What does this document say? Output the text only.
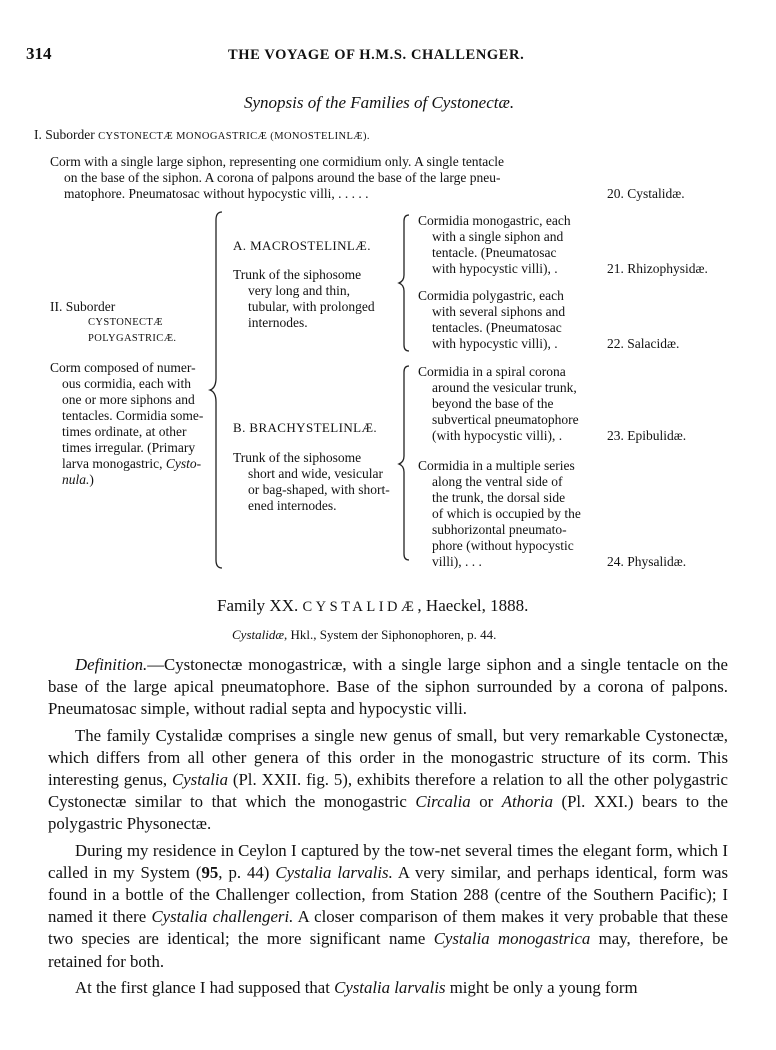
314	THE VOYAGE OF H.M.S. CHALLENGER.
Synopsis of the Families of Cystonectæ.
I. Suborder CYSTONECTÆ MONOGASTRICÆ (MONOSTELINLÆ).
Corm with a single large siphon, representing one cormidium only. A single tentacle
on the base of the siphon. A corona of palpons around the base of the large pneu-
matophore. Pneumatosac without hypocystic villi, . . . . .	20. Cystalidæ.
II. Suborder
CYSTONECTÆ
POLYGASTRICÆ.
Corm composed of numer-
ous cormidia, each with
one or more siphons and
tentacles. Cormidia some-
times ordinate, at other
times irregular. (Primary
larva monogastric, Cysto-
nula.)
A. MACROSTELINLÆ.
Trunk of the siphosome
very long and thin,
tubular, with prolonged
internodes.
Cormidia monogastric, each
with a single siphon and
tentacle. (Pneumatosac
with hypocystic villi), .	21. Rhizophysidæ.
Cormidia polygastric, each
with several siphons and
tentacles. (Pneumatosac
with hypocystic villi), .	22. Salacidæ.
B. BRACHYSTELINLÆ.
Trunk of the siphosome
short and wide, vesicular
or bag-shaped, with short-
ened internodes.
Cormidia in a spiral corona
around the vesicular trunk,
beyond the base of the
subvertical pneumatophore
(with hypocystic villi), .	23. Epibulidæ.
Cormidia in a multiple series
along the ventral side of
the trunk, the dorsal side
of which is occupied by the
subhorizontal pneumato-
phore (without hypocystic
villi), . . .	24. Physalidæ.
Family XX. CYSTALIDÆ, Haeckel, 1888.
Cystalidæ, Hkl., System der Siphonophoren, p. 44.

Definition.—Cystonectæ monogastricæ, with a single large siphon and a single tentacle on the base of the large apical pneumatophore. Base of the siphon surrounded by a corona of palpons. Pneumatosac simple, without radial septa and hypocystic villi.

The family Cystalidæ comprises a single new genus of small, but very remarkable Cystonectæ, which differs from all other genera of this order in the monogastric structure of its corm. This interesting genus, Cystalia (Pl. XXII. fig. 5), exhibits therefore a relation to all the other polygastric Cystonectæ similar to that which the monogastric Circalia or Athoria (Pl. XXI.) bears to the polygastric Physonectæ.

During my residence in Ceylon I captured by the tow-net several times the elegant form, which I called in my System (95, p. 44) Cystalia larvalis. A very similar, and perhaps identical, form was found in a bottle of the Challenger collection, from Station 288 (centre of the Southern Pacific); I named it there Cystalia challengeri. A closer comparison of them makes it very probable that these two species are identical; the more significant name Cystalia monogastrica may, therefore, be retained for both.

At the first glance I had supposed that Cystalia larvalis might be only a young form
